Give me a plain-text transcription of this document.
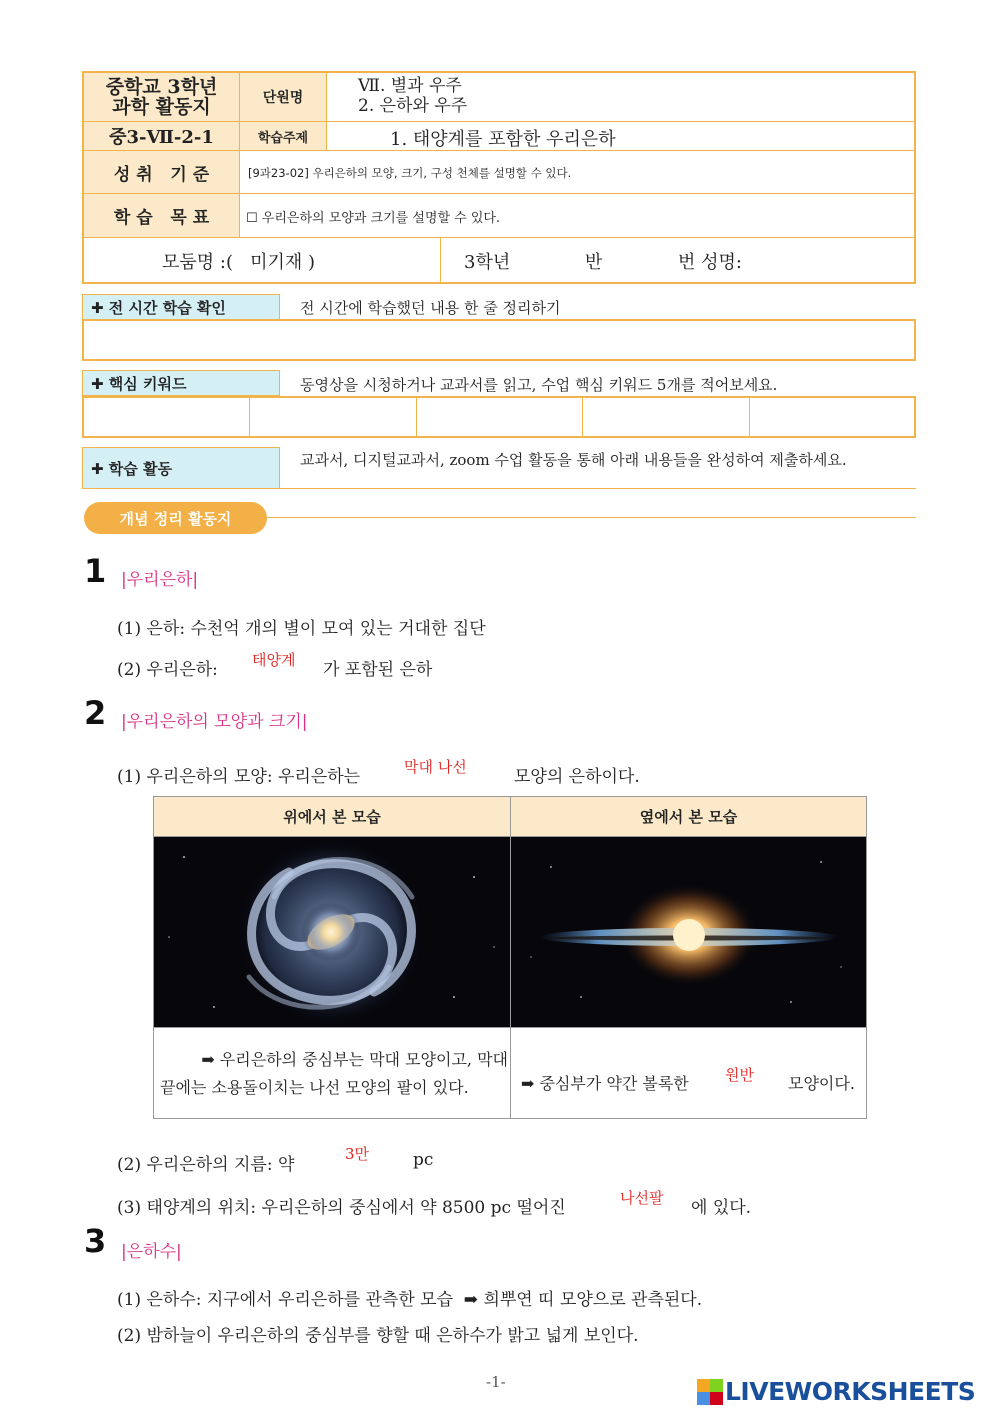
중학교 3학년
과학 활동지	단원명
Ⅶ. 별과 우주
2. 은하와 우주
중3-Ⅶ-2-1	학습주제	1. 태양계를 포함한 우리은하
성 취   기 준	[9과23-02] 우리은하의 모양, 크기, 구성 천체를 설명할 수 있다.
학 습   목 표	☐ 우리은하의 모양과 크기를 설명할 수 있다.
모둠명 :(   미기재 )	3학년	반	번 성명:
✚ 전 시간 학습 확인	전 시간에 학습했던 내용 한 줄 정리하기
✚ 핵심 키워드	동영상을 시청하거나 교과서를 읽고, 수업 핵심 키워드 5개를 적어보세요.
✚ 학습 활동	교과서, 디지털교과서, zoom 수업 활동을 통해 아래 내용들을 완성하여 제출하세요.
개념 정리 활동지
1 |우리은하|
(1) 은하: 수천억 개의 별이 모여 있는 거대한 집단
(2) 우리은하: 태양계 가 포함된 은하
2 |우리은하의 모양과 크기|
(1) 우리은하의 모양: 우리은하는	막대 나선	모양의 은하이다.
위에서 본 모습	옆에서 본 모습
➡ 우리은하의 중심부는 막대 모양이고, 막대
끝에는 소용돌이치는 나선 모양의 팔이 있다.	➡ 중심부가 약간 볼록한 원반 모양이다.
(2) 우리은하의 지름: 약
3만	pc
(3) 태양계의 위치: 우리은하의 중심에서 약 8500 pc 떨어진	나선팔 에 있다.
3 |은하수|
(1) 은하수: 지구에서 우리은하를 관측한 모습  ➡ 희뿌연 띠 모양으로 관측된다.
(2) 밤하늘이 우리은하의 중심부를 향할 때 은하수가 밝고 넓게 보인다.
-1-	LIVEWORKSHEETS
